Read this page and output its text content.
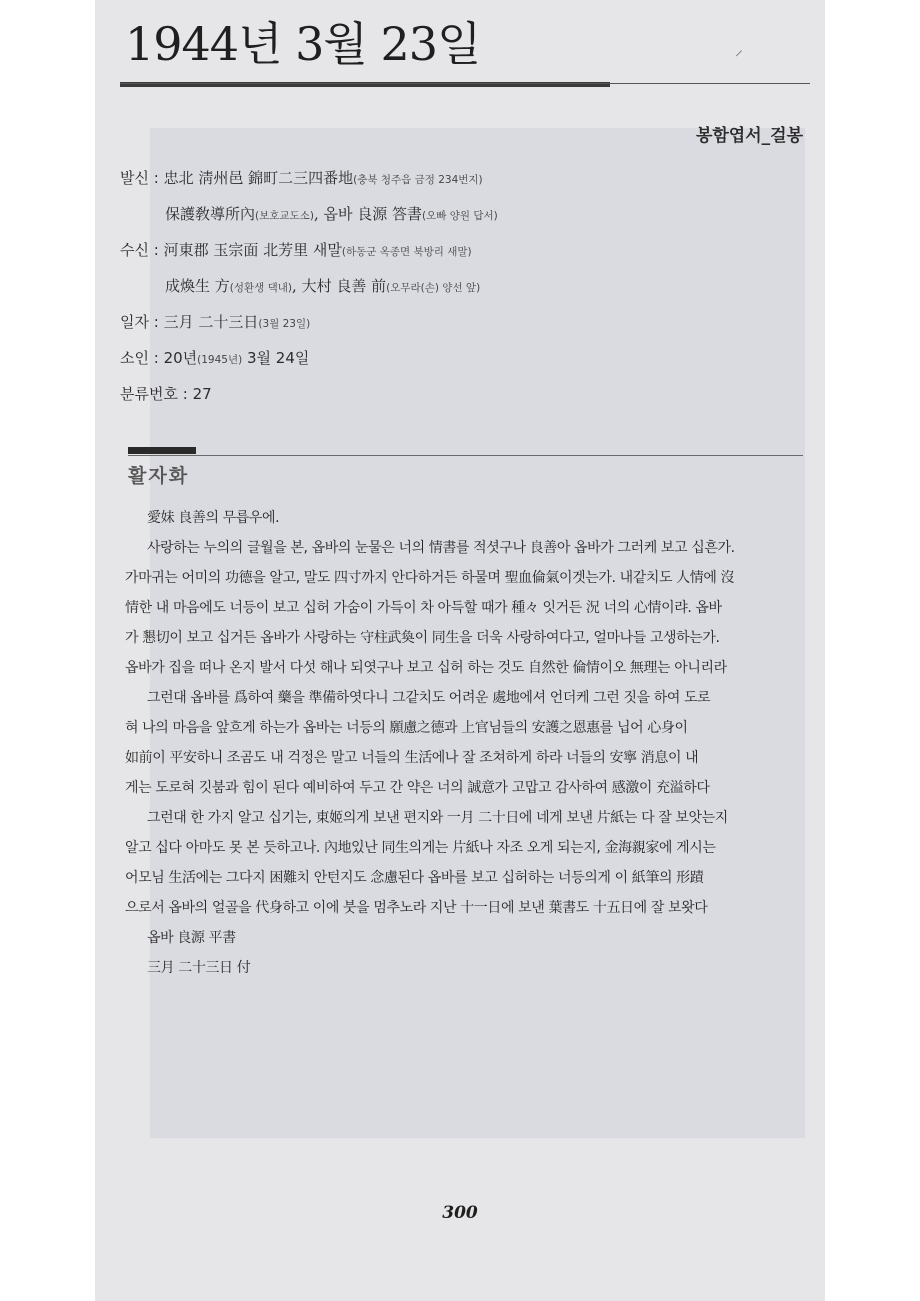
1944년 3월 23일	⸝
봉함엽서_걸봉
발신 : 忠北 淸州邑 錦町二三四番地(충북 청주읍 금정 234번지)
保護敎導所內(보호교도소), 옵바 良源 答書(오빠 양원 답서)
수신 : 河東郡 玉宗面 北芳里 새말(하동군 옥종면 북방리 새말)
成煥生 方(성환생 댁내), 大村 良善 前(오무라(손) 양선 앞)
일자 : 三月 二十三日(3월 23일)
소인 : 20년(1945년) 3월 24일
분류번호 : 27
활자화
愛妹 良善의 무릅우에.
사랑하는 누의의 글월을 본, 옵바의 눈물은 너의 情書를 적셧구나 良善아 옵바가 그러케 보고 십흔가.
가마귀는 어미의 功德을 알고, 말도 四寸까지 안다하거든 하물며 聖血倫氣이겟는가. 내같치도 人情에 沒
情한 내 마음에도 너등이 보고 십허 가숨이 가득이 차 아득할 때가 種々 잇거든 況 너의 心情이랴. 옵바
가 懇切이 보고 십거든 옵바가 사랑하는 守柱武奐이 同生을 더욱 사랑하여다고, 얼마나들 고생하는가.
옵바가 집을 떠나 온지 발서 다섯 해나 되엿구나 보고 십허 하는 것도 自然한 倫情이오 無理는 아니리라
그런대 옵바를 爲하여 藥을 準備하엿다니 그같치도 어려운 處地에셔 언더케 그런 짓을 하여 도로
혀 나의 마음을 앞흐게 하는가 옵바는 너등의 願慮之德과 上官님들의 安護之恩惠를 닙어 心身이
如前이 平安하니 조곰도 내 걱정은 말고 너들의 生活에나 잘 조쳐하게 하라 너들의 安寧 消息이 내
게는 도로혀 깃붐과 힘이 된다 예비하여 두고 간 약은 너의 誠意가 고맙고 감사하여 感激이 充溢하다
그런대 한 가지 알고 십기는, 東姬의게 보낸 편지와 一月 二十日에 네게 보낸 片紙는 다 잘 보앗는지
알고 십다 아마도 못 본 듯하고나. 內地있난 同生의게는 片紙나 자조 오게 되는지, 金海親家에 게시는
어모님 生活에는 그다지 困難치 안턴지도 念慮된다 옵바를 보고 십허하는 너등의게 이 紙筆의 形蹟
으로서 옵바의 얼골을 代身하고 이에 붓을 멈추노라 지난 十一日에 보낸 葉書도 十五日에 잘 보왓다
옵바 良源 平書
三月 二十三日 付
300
